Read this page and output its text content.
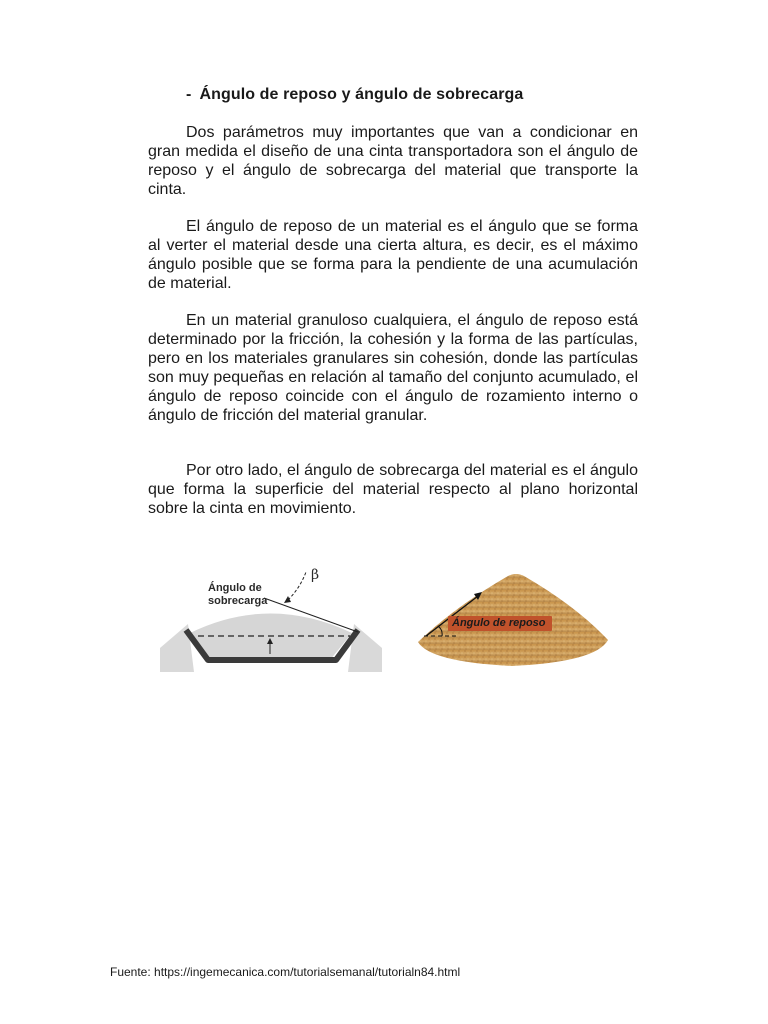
- Ángulo de reposo y ángulo de sobrecarga

Dos parámetros muy importantes que van a condicionar en gran medida el diseño de una cinta transportadora son el ángulo de reposo y el ángulo de sobrecarga del material que transporte la cinta.

El ángulo de reposo de un material es el ángulo que se forma al verter el material desde una cierta altura, es decir, es el máximo ángulo posible que se forma para la pendiente de una acumulación de material.

En un material granuloso cualquiera, el ángulo de reposo está determinado por la fricción, la cohesión y la forma de las partículas, pero en los materiales granulares sin cohesión, donde las partículas son muy pequeñas en relación al tamaño del conjunto acumulado, el ángulo de reposo coincide con el ángulo de rozamiento interno o ángulo de fricción del material granular.

Por otro lado, el ángulo de sobrecarga del material es el ángulo que forma la superficie del material respecto al plano horizontal sobre la cinta en movimiento.

Ángulo de
sobrecarga
β
Ángulo de reposo
Fuente: https://ingemecanica.com/tutorialsemanal/tutorialn84.html
